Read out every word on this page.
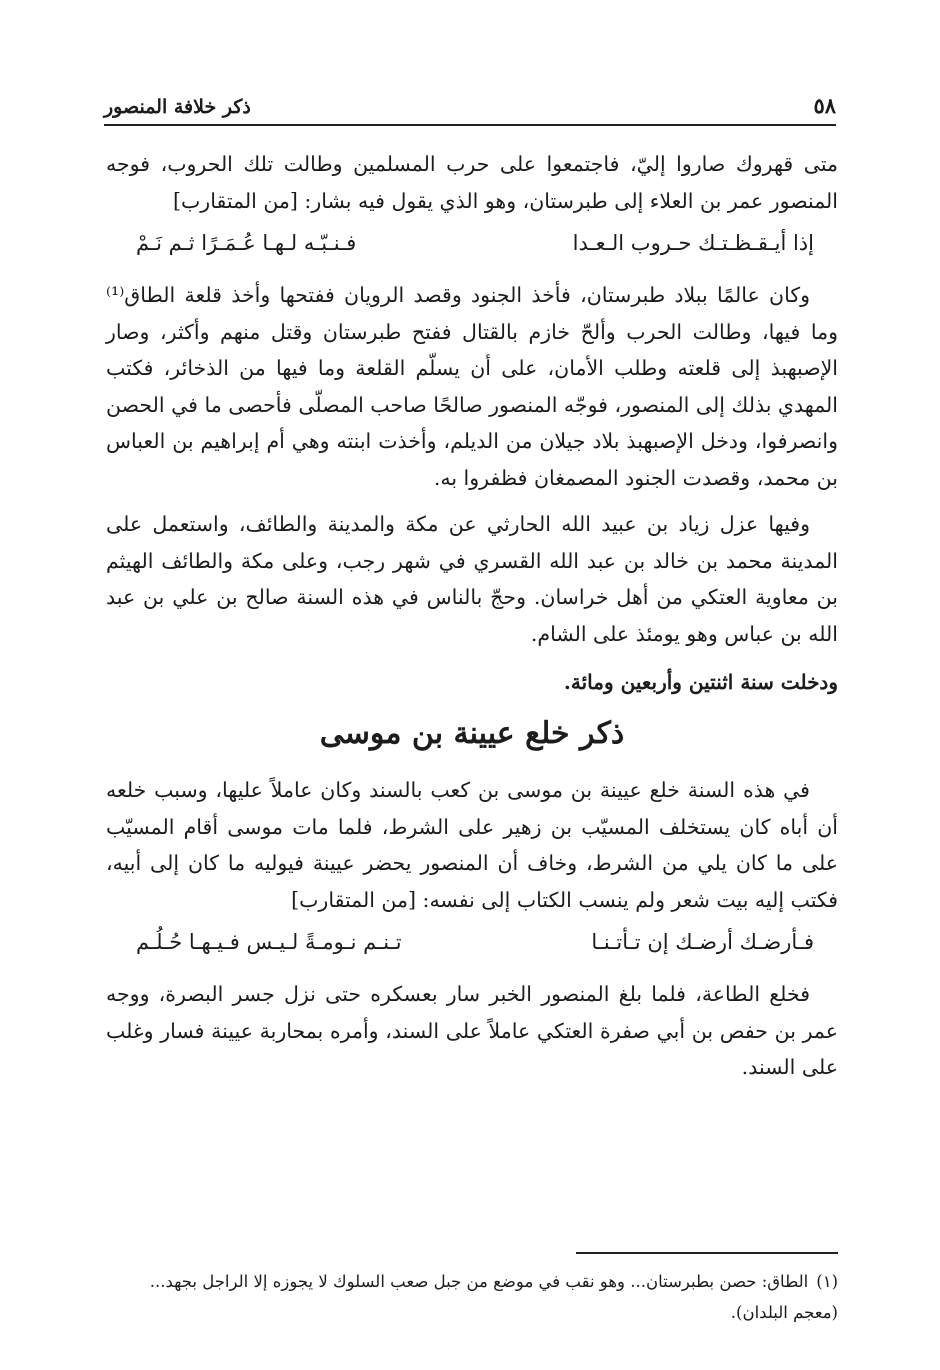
٥٨
ذكر خلافة المنصور

متى قهروك صاروا إليّ، فاجتمعوا على حرب المسلمين وطالت تلك الحروب، فوجه المنصور عمر بن العلاء إلى طبرستان، وهو الذي يقول فيه بشار: [من المتقارب]

إذا أيـقـظـتـك حـروب الـعـدا
فـنـبّـه لـهـا عُـمَـرًا ثـم نَـمْ

وكان عالمًا ببلاد طبرستان، فأخذ الجنود وقصد الرويان ففتحها وأخذ قلعة الطاق⁽¹⁾ وما فيها، وطالت الحرب وألحّ خازم بالقتال ففتح طبرستان وقتل منهم وأكثر، وصار الإصبهبذ إلى قلعته وطلب الأمان، على أن يسلّم القلعة وما فيها من الذخائر، فكتب المهدي بذلك إلى المنصور، فوجّه المنصور صالحًا صاحب المصلّى فأحصى ما في الحصن وانصرفوا، ودخل الإصبهبذ بلاد جيلان من الديلم، وأخذت ابنته وهي أم إبراهيم بن العباس بن محمد، وقصدت الجنود المصمغان فظفروا به.

وفيها عزل زياد بن عبيد الله الحارثي عن مكة والمدينة والطائف، واستعمل على المدينة محمد بن خالد بن عبد الله القسري في شهر رجب، وعلى مكة والطائف الهيثم بن معاوية العتكي من أهل خراسان. وحجّ بالناس في هذه السنة صالح بن علي بن عبد الله بن عباس وهو يومئذ على الشام.

ودخلت سنة اثنتين وأربعين ومائة.

ذكر خلع عيينة بن موسى

في هذه السنة خلع عيينة بن موسى بن كعب بالسند وكان عاملاً عليها، وسبب خلعه أن أباه كان يستخلف المسيّب بن زهير على الشرط، فلما مات موسى أقام المسيّب على ما كان يلي من الشرط، وخاف أن المنصور يحضر عيينة فيوليه ما كان إلى أبيه، فكتب إليه بيت شعر ولم ينسب الكتاب إلى نفسه: [من المتقارب]

فـأرضـك أرضـك إن تـأتـنـا
تـنـم نـومـةً لـيـس فـيـهـا حُـلُـم

فخلع الطاعة، فلما بلغ المنصور الخبر سار بعسكره حتى نزل جسر البصرة، ووجه عمر بن حفص بن أبي صفرة العتكي عاملاً على السند، وأمره بمحاربة عيينة فسار وغلب على السند.

(١)الطاق: حصن بطبرستان... وهو نقب في موضع من جبل صعب السلوك لا يجوزه إلا الراجل بجهد... (معجم البلدان).
